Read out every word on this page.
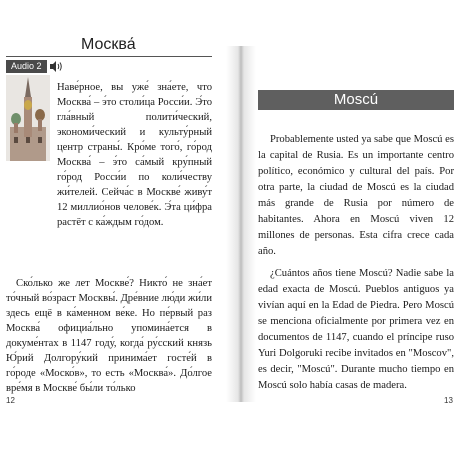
Москва́
Audio 2
Наве́рное, вы уже́ зна́ете, что Москва́ – э́то столи́ца Росси́и. Э́то гла́вный полити́ческий, экономи́ческий и культу́рный центр страны́. Кро́ме того́, го́род Москва́ – э́то са́мый кру́пный го́род Росси́и по коли́честву жи́телей. Сейча́с в Москве́ живу́т 12 миллио́нов челове́к. Э́та ци́фра растёт с ка́ждым го́дом.
Ско́лько же лет Москве́? Никто́ не зна́ет то́чный во́зраст Москвы́. Дре́вние лю́ди жи́ли здесь ещё в ка́менном ве́ке. Но пе́рвый раз Москва́ официа́льно упомина́ется в докуме́нтах в 1147 году́, когда́ ру́сский князь Ю́рий Долгору́кий принима́ет госте́й в го́роде «Моско́в», то есть «Москва́». До́лгое вре́мя в Москве́ бы́ли то́лько
12
Moscú
Probablemente usted ya sabe que Moscú es la capital de Rusia. Es un importante centro político, económico y cultural del país. Por otra parte, la ciudad de Moscú es la ciudad más grande de Rusia por número de habitantes. Ahora en Moscú viven 12 millones de personas. Esta cifra crece cada año.
¿Cuántos años tiene Moscú? Nadie sabe la edad exacta de Moscú. Pueblos antiguos ya vivían aquí en la Edad de Piedra. Pero Moscú se menciona oficialmente por primera vez en documentos de 1147, cuando el príncipe ruso Yuri Dolgoruki recibe invitados en "Moscov", es decir, "Moscú". Durante mucho tiempo en Moscú solo había casas de madera.
13
